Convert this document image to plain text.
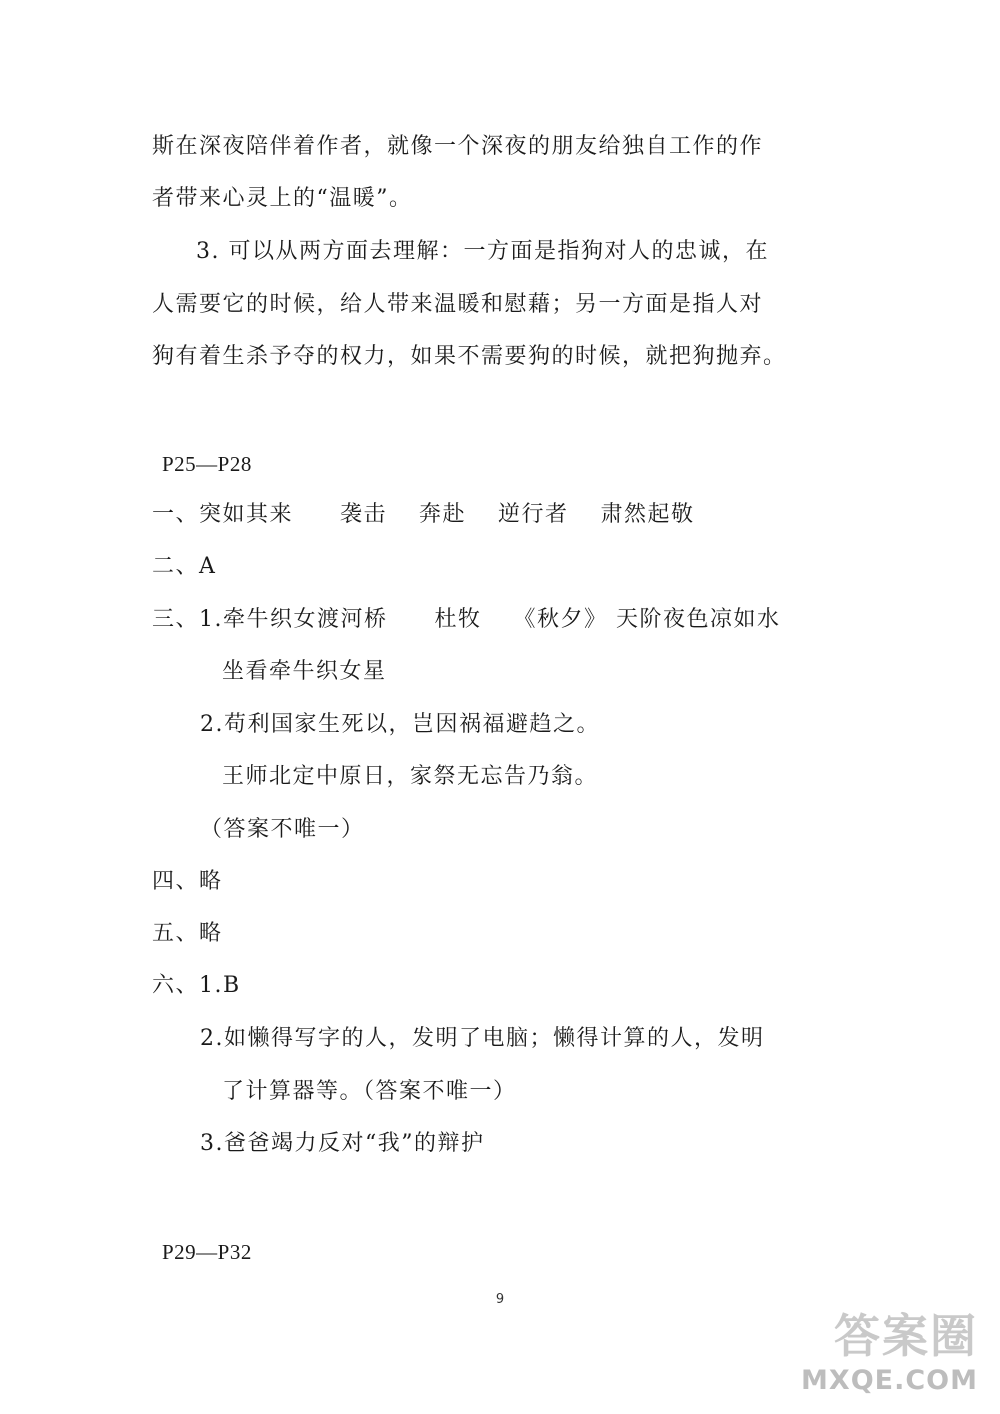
斯在深夜陪伴着作者，就像一个深夜的朋友给独自工作的作
者带来心灵上的“温暖”。
3. 可以从两方面去理解：一方面是指狗对人的忠诚，在
人需要它的时候，给人带来温暖和慰藉；另一方面是指人对
狗有着生杀予夺的权力，如果不需要狗的时候，就把狗抛弃。
P25—P28
一、突如其来　　袭击　 奔赴　 逆行者　 肃然起敬
二、A
三、1.牵牛织女渡河桥　　杜牧　 《秋夕》 天阶夜色凉如水
坐看牵牛织女星
2.苟利国家生死以，岂因祸福避趋之。
王师北定中原日，家祭无忘告乃翁。
（答案不唯一）
四、略
五、略
六、1.B
2.如懒得写字的人，发明了电脑；懒得计算的人，发明
了计算器等。（答案不唯一）
3.爸爸竭力反对“我”的辩护
P29—P32
9
答案圈
MXQE.COM
